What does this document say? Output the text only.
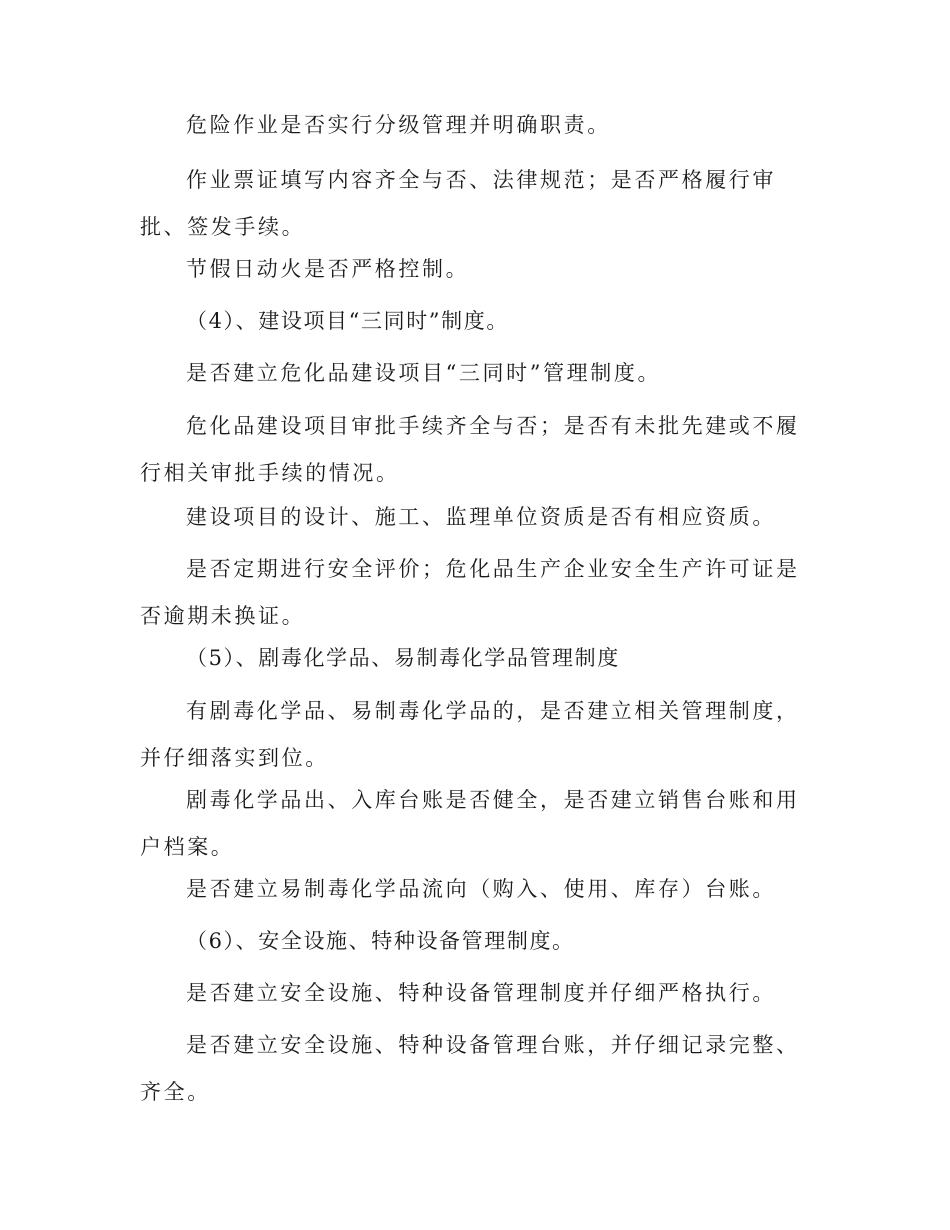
危险作业是否实行分级管理并明确职责。

作业票证填写内容齐全与否、法律规范；是否严格履行审批、签发手续。

节假日动火是否严格控制。

（4）、建设项目“三同时”制度。

是否建立危化品建设项目“三同时”管理制度。

危化品建设项目审批手续齐全与否；是否有未批先建或不履行相关审批手续的情况。

建设项目的设计、施工、监理单位资质是否有相应资质。

是否定期进行安全评价；危化品生产企业安全生产许可证是否逾期未换证。

（5）、剧毒化学品、易制毒化学品管理制度

有剧毒化学品、易制毒化学品的，是否建立相关管理制度，并仔细落实到位。

剧毒化学品出、入库台账是否健全，是否建立销售台账和用户档案。

是否建立易制毒化学品流向（购入、使用、库存）台账。

（6）、安全设施、特种设备管理制度。

是否建立安全设施、特种设备管理制度并仔细严格执行。

是否建立安全设施、特种设备管理台账，并仔细记录完整、齐全。
